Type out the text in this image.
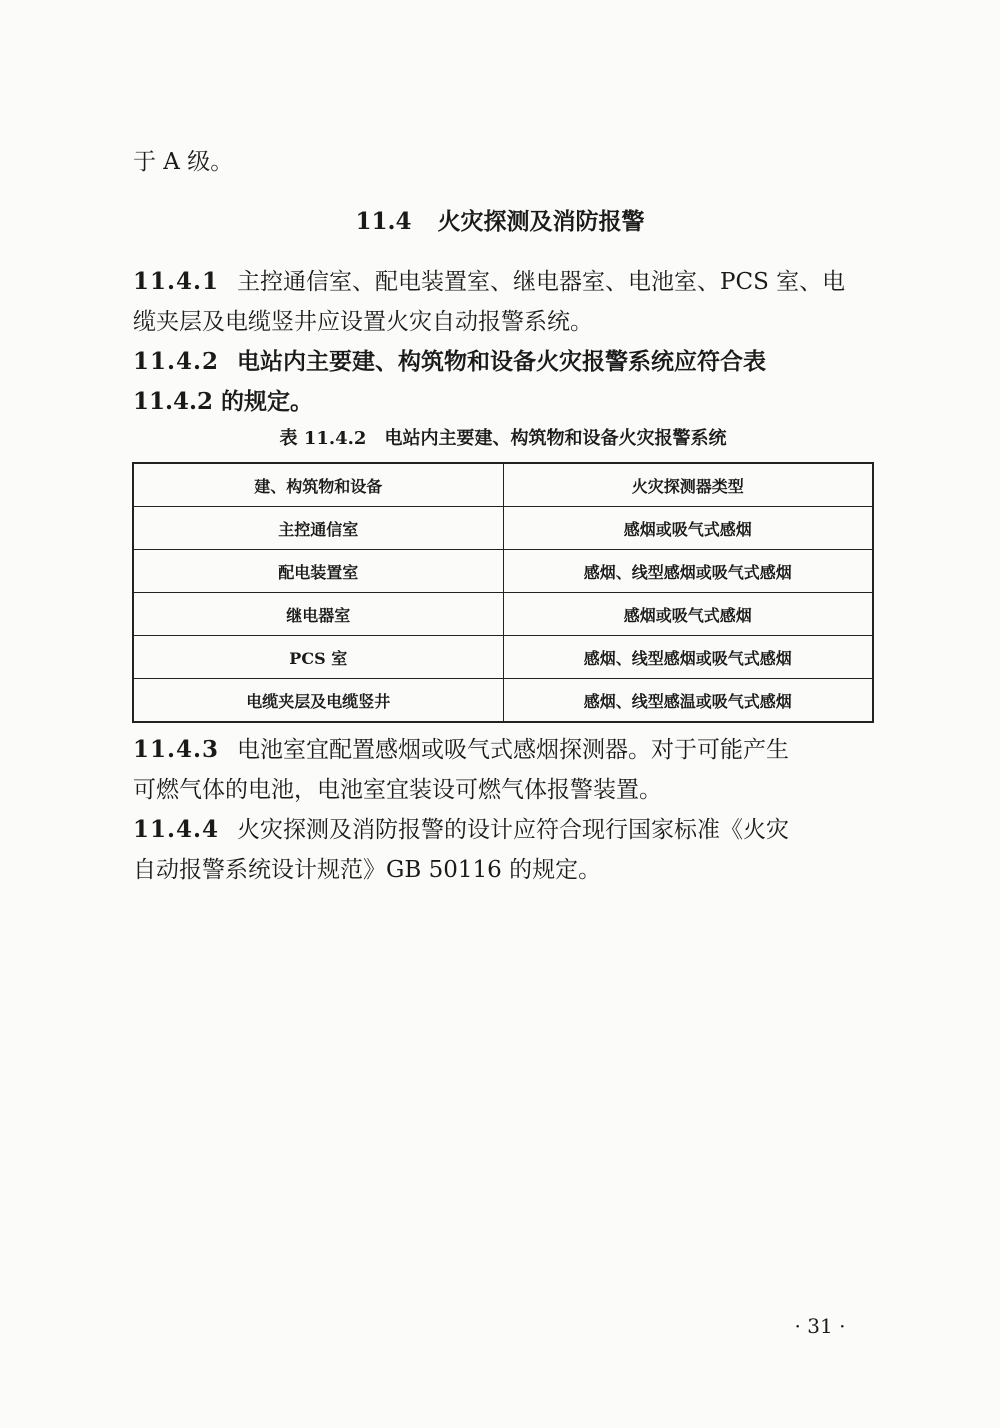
于 A 级。
11.4 火灾探测及消防报警
11.4.1 主控通信室、配电装置室、继电器室、电池室、PCS 室、电
缆夹层及电缆竖井应设置火灾自动报警系统。
11.4.2 电站内主要建、构筑物和设备火灾报警系统应符合表
11.4.2 的规定。
表 11.4.2 电站内主要建、构筑物和设备火灾报警系统
建、构筑物和设备	火灾探测器类型
主控通信室	感烟或吸气式感烟
配电装置室	感烟、线型感烟或吸气式感烟
继电器室	感烟或吸气式感烟
PCS 室	感烟、线型感烟或吸气式感烟
电缆夹层及电缆竖井	感烟、线型感温或吸气式感烟
11.4.3 电池室宜配置感烟或吸气式感烟探测器。对于可能产生
可燃气体的电池，电池室宜装设可燃气体报警装置。
11.4.4 火灾探测及消防报警的设计应符合现行国家标准《火灾
自动报警系统设计规范》GB 50116 的规定。
· 31 ·
